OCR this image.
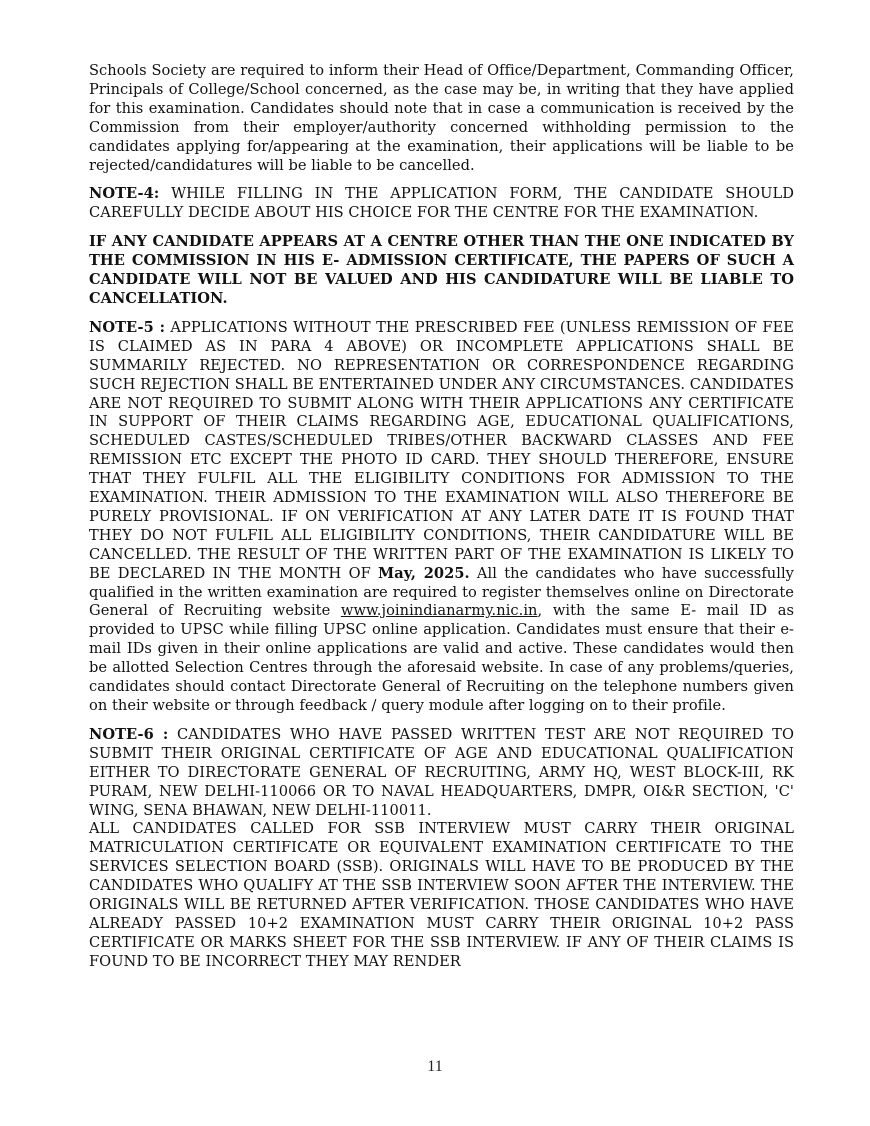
Schools Society are required to inform their Head of Office/Department, Commanding Officer, Principals of College/School concerned, as the case may be, in writing that they have applied for this examination. Candidates should note that in case a communication is received by the Commission from their employer/authority concerned withholding permission to the candidates applying for/appearing at the examination, their applications will be liable to be rejected/candidatures will be liable to be cancelled.

NOTE-4: WHILE FILLING IN THE APPLICATION FORM, THE CANDIDATE SHOULD CAREFULLY DECIDE ABOUT HIS CHOICE FOR THE CENTRE FOR THE EXAMINATION.

IF ANY CANDIDATE APPEARS AT A CENTRE OTHER THAN THE ONE INDICATED BY THE COMMISSION IN HIS E- ADMISSION CERTIFICATE, THE PAPERS OF SUCH A CANDIDATE WILL NOT BE VALUED AND HIS CANDIDATURE WILL BE LIABLE TO CANCELLATION.

NOTE-5 : APPLICATIONS WITHOUT THE PRESCRIBED FEE (UNLESS REMISSION OF FEE IS CLAIMED AS IN PARA 4 ABOVE) OR INCOMPLETE APPLICATIONS SHALL BE SUMMARILY REJECTED. NO REPRESENTATION OR CORRESPONDENCE REGARDING SUCH REJECTION SHALL BE ENTERTAINED UNDER ANY CIRCUMSTANCES. CANDIDATES ARE NOT REQUIRED TO SUBMIT ALONG WITH THEIR APPLICATIONS ANY CERTIFICATE IN SUPPORT OF THEIR CLAIMS REGARDING AGE, EDUCATIONAL QUALIFICATIONS, SCHEDULED CASTES/SCHEDULED TRIBES/OTHER BACKWARD CLASSES AND FEE REMISSION ETC EXCEPT THE PHOTO ID CARD. THEY SHOULD THEREFORE, ENSURE THAT THEY FULFIL ALL THE ELIGIBILITY CONDITIONS FOR ADMISSION TO THE EXAMINATION. THEIR ADMISSION TO THE EXAMINATION WILL ALSO THEREFORE BE PURELY PROVISIONAL. IF ON VERIFICATION AT ANY LATER DATE IT IS FOUND THAT THEY DO NOT FULFIL ALL ELIGIBILITY CONDITIONS, THEIR CANDIDATURE WILL BE CANCELLED. THE RESULT OF THE WRITTEN PART OF THE EXAMINATION IS LIKELY TO BE DECLARED IN THE MONTH OF May, 2025. All the candidates who have successfully qualified in the written examination are required to register themselves online on Directorate General of Recruiting website www.joinindianarmy.nic.in, with the same E- mail ID as provided to UPSC while filling UPSC online application. Candidates must ensure that their e-mail IDs given in their online applications are valid and active. These candidates would then be allotted Selection Centres through the aforesaid website. In case of any problems/queries, candidates should contact Directorate General of Recruiting on the telephone numbers given on their website or through feedback / query module after logging on to their profile.

NOTE-6 : CANDIDATES WHO HAVE PASSED WRITTEN TEST ARE NOT REQUIRED TO SUBMIT THEIR ORIGINAL CERTIFICATE OF AGE AND EDUCATIONAL QUALIFICATION EITHER TO DIRECTORATE GENERAL OF RECRUITING, ARMY HQ, WEST BLOCK-III, RK PURAM, NEW DELHI-110066 OR TO NAVAL HEADQUARTERS, DMPR, OI&R SECTION, 'C' WING, SENA BHAWAN, NEW DELHI-110011.

ALL CANDIDATES CALLED FOR SSB INTERVIEW MUST CARRY THEIR ORIGINAL MATRICULATION CERTIFICATE OR EQUIVALENT EXAMINATION CERTIFICATE TO THE SERVICES SELECTION BOARD (SSB). ORIGINALS WILL HAVE TO BE PRODUCED BY THE CANDIDATES WHO QUALIFY AT THE SSB INTERVIEW SOON AFTER THE INTERVIEW. THE ORIGINALS WILL BE RETURNED AFTER VERIFICATION. THOSE CANDIDATES WHO HAVE ALREADY PASSED 10+2 EXAMINATION MUST CARRY THEIR ORIGINAL 10+2 PASS CERTIFICATE OR MARKS SHEET FOR THE SSB INTERVIEW. IF ANY OF THEIR CLAIMS IS FOUND TO BE INCORRECT THEY MAY RENDER

11
